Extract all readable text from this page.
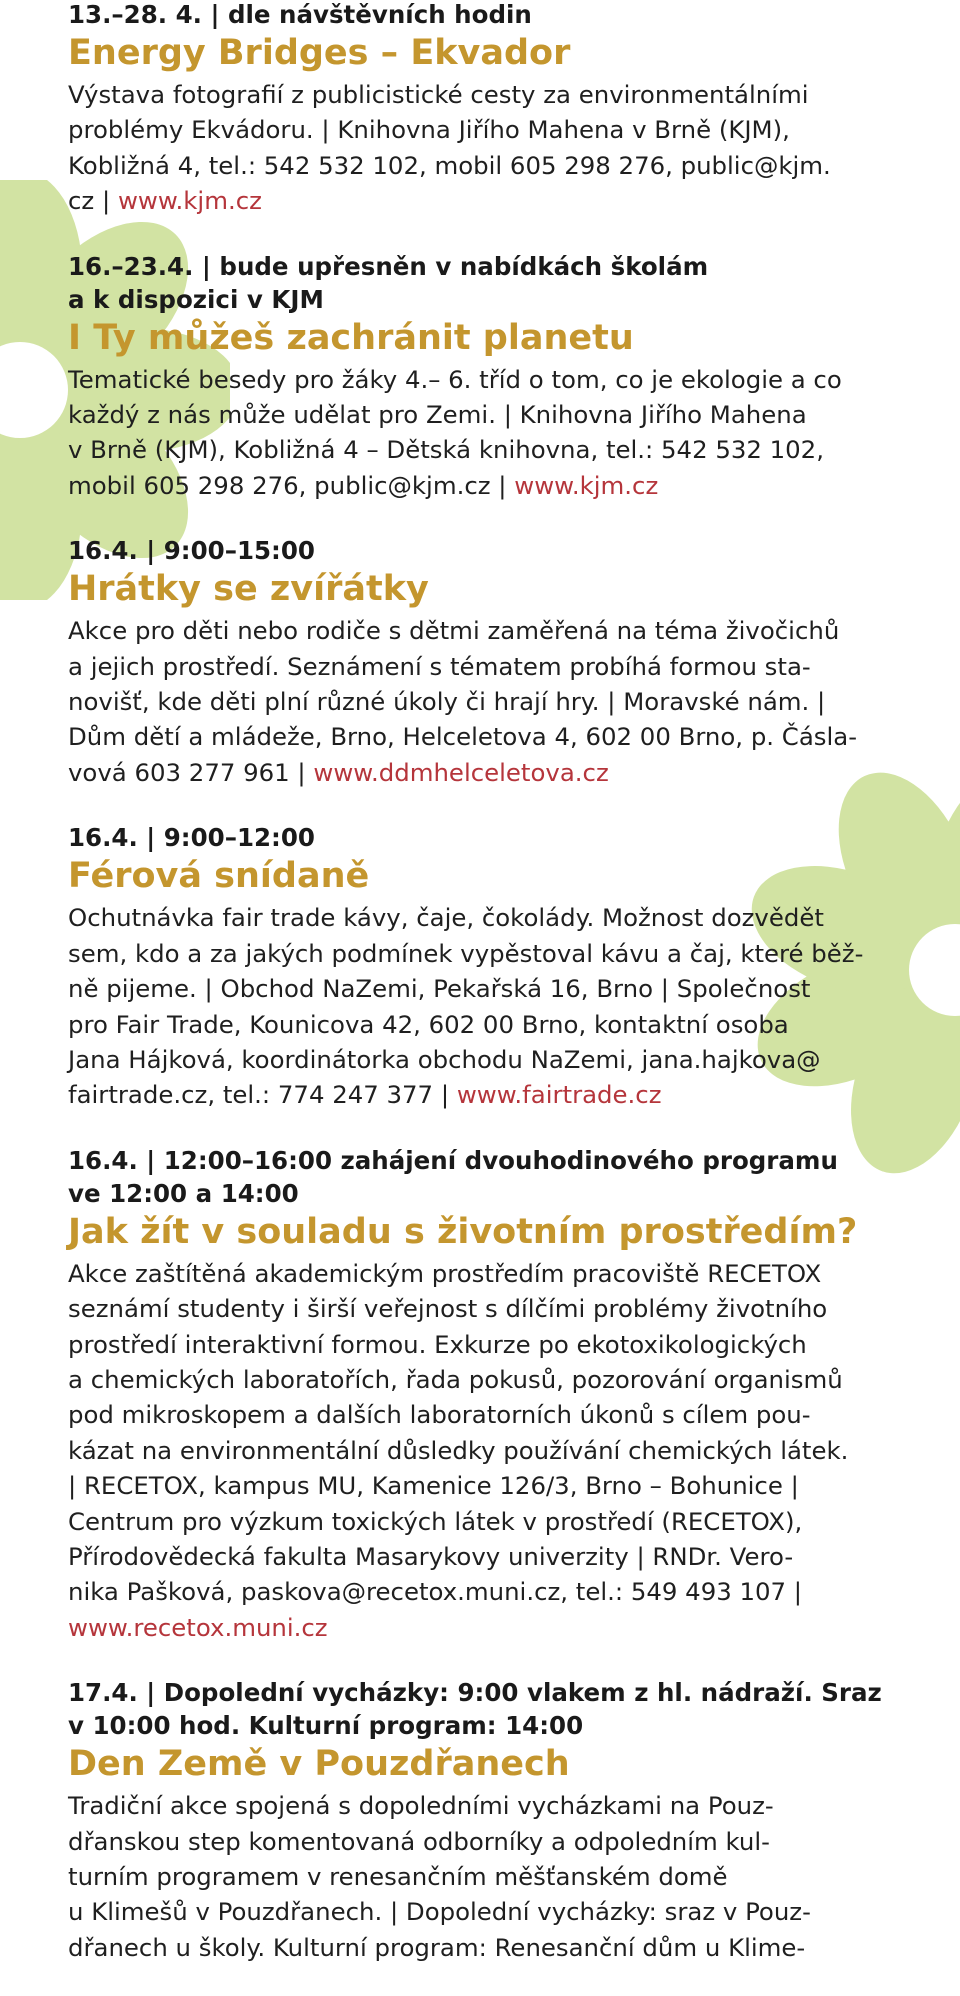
13.–28. 4. | dle návštěvních hodin
Energy Bridges – Ekvador
Výstava fotografií z publicistické cesty za environmentálními
problémy Ekvádoru. | Knihovna Jiřího Mahena v Brně (KJM),
Kobližná 4, tel.: 542 532 102, mobil 605 298 276, public@kjm.
cz | www.kjm.cz
16.–23.4. | bude upřesněn v nabídkách školám
a k dispozici v KJM
I Ty můžeš zachránit planetu
Tematické besedy pro žáky 4.– 6. tříd o tom, co je ekologie a co
každý z nás může udělat pro Zemi. | Knihovna Jiřího Mahena
v Brně (KJM), Kobližná 4 – Dětská knihovna, tel.: 542 532 102,
mobil 605 298 276, public@kjm.cz | www.kjm.cz
16.4. | 9:00–15:00
Hrátky se zvířátky
Akce pro děti nebo rodiče s dětmi zaměřená na téma živočichů
a jejich prostředí. Seznámení s tématem probíhá formou sta-
novišť, kde děti plní různé úkoly či hrají hry. | Moravské nám. |
Dům dětí a mládeže, Brno, Helceletova 4, 602 00 Brno, p. Čásla-
vová 603 277 961 | www.ddmhelceletova.cz
16.4. | 9:00–12:00
Férová snídaně
Ochutnávka fair trade kávy, čaje, čokolády. Možnost dozvědět
sem, kdo a za jakých podmínek vypěstoval kávu a čaj, které běž-
ně pijeme. | Obchod NaZemi, Pekařská 16, Brno | Společnost
pro Fair Trade, Kounicova 42, 602 00 Brno, kontaktní osoba
Jana Hájková, koordinátorka obchodu NaZemi, jana.hajkova@
fairtrade.cz, tel.: 774 247 377 | www.fairtrade.cz
16.4. | 12:00–16:00 zahájení dvouhodinového programu
ve 12:00 a 14:00
Jak žít v souladu s životním prostředím?
Akce zaštítěná akademickým prostředím pracoviště RECETOX
seznámí studenty i širší veřejnost s dílčími problémy životního
prostředí interaktivní formou. Exkurze po ekotoxikologických
a chemických laboratořích, řada pokusů, pozorování organismů
pod mikroskopem a dalších laboratorních úkonů s cílem pou-
kázat na environmentální důsledky používání chemických látek.
| RECETOX, kampus MU, Kamenice 126/3, Brno – Bohunice |
Centrum pro výzkum toxických látek v prostředí (RECETOX),
Přírodovědecká fakulta Masarykovy univerzity | RNDr. Vero-
nika Pašková, paskova@recetox.muni.cz, tel.: 549 493 107 |
www.recetox.muni.cz
17.4. | Dopolední vycházky: 9:00 vlakem z hl. nádraží. Sraz
v 10:00 hod. Kulturní program: 14:00
Den Země v Pouzdřanech
Tradiční akce spojená s dopoledními vycházkami na Pouz-
dřanskou step komentovaná odborníky a odpoledním kul-
turním programem v renesančním měšťanském domě
u Klimešů v Pouzdřanech. | Dopolední vycházky: sraz v Pouz-
dřanech u školy. Kulturní program: Renesanční dům u Klime-
